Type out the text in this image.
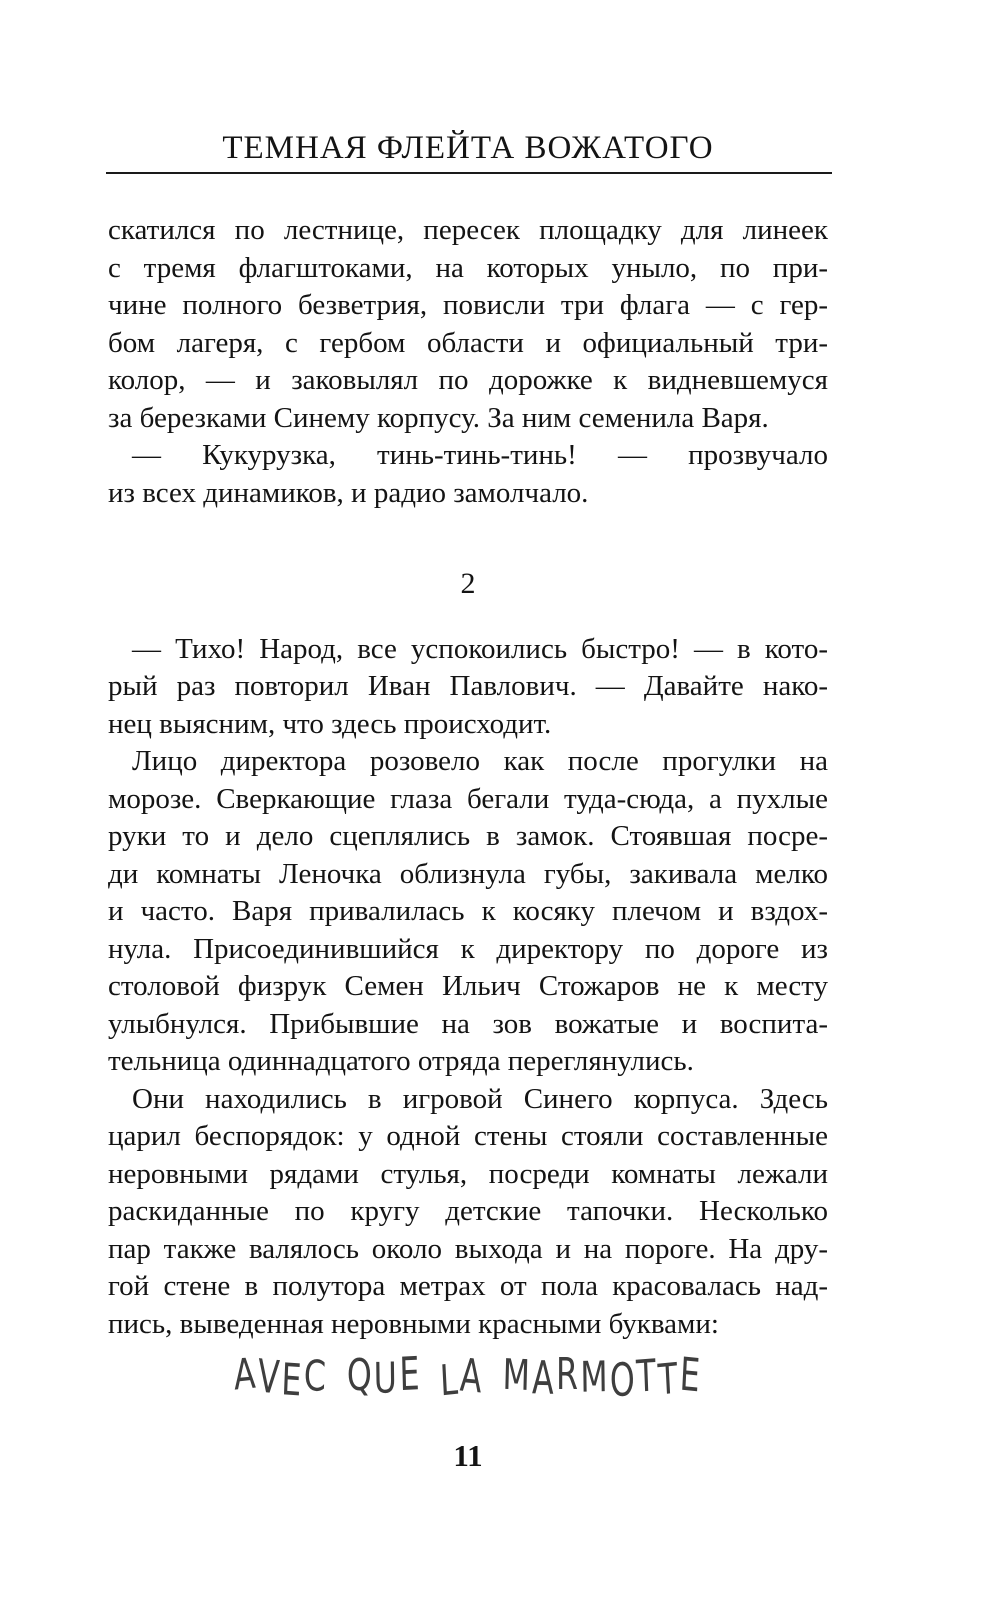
ТЕМНАЯ ФЛЕЙТА ВОЖАТОГО
скатился по лестнице, пересек площадку для линеек
с тремя флагштоками, на которых уныло, по при-
чине полного безветрия, повисли три флага — с гер-
бом лагеря, с гербом области и официальный три-
колор, — и заковылял по дорожке к видневшемуся
за березками Синему корпусу. За ним семенила Варя.
— Кукурузка, тинь-тинь-тинь! — прозвучало
из всех динамиков, и радио замолчало.
2
— Тихо! Народ, все успокоились быстро! — в кото-
рый раз повторил Иван Павлович. — Давайте нако-
нец выясним, что здесь происходит.
Лицо директора розовело как после прогулки на
морозе. Сверкающие глаза бегали туда-сюда, а пухлые
руки то и дело сцеплялись в замок. Стоявшая посре-
ди комнаты Леночка облизнула губы, закивала мелко
и часто. Варя привалилась к косяку плечом и вздох-
нула. Присоединившийся к директору по дороге из
столовой физрук Семен Ильич Стожаров не к месту
улыбнулся. Прибывшие на зов вожатые и воспита-
тельница одиннадцатого отряда переглянулись.
Они находились в игровой Синего корпуса. Здесь
царил беспорядок: у одной стены стояли составленные
неровными рядами стулья, посреди комнаты лежали
раскиданные по кругу детские тапочки. Несколько
пар также валялось около выхода и на пороге. На дру-
гой стене в полутора метрах от пола красовалась над-
пись, выведенная неровными красными буквами:
AVEC QUE LA MARMOTTE
11
